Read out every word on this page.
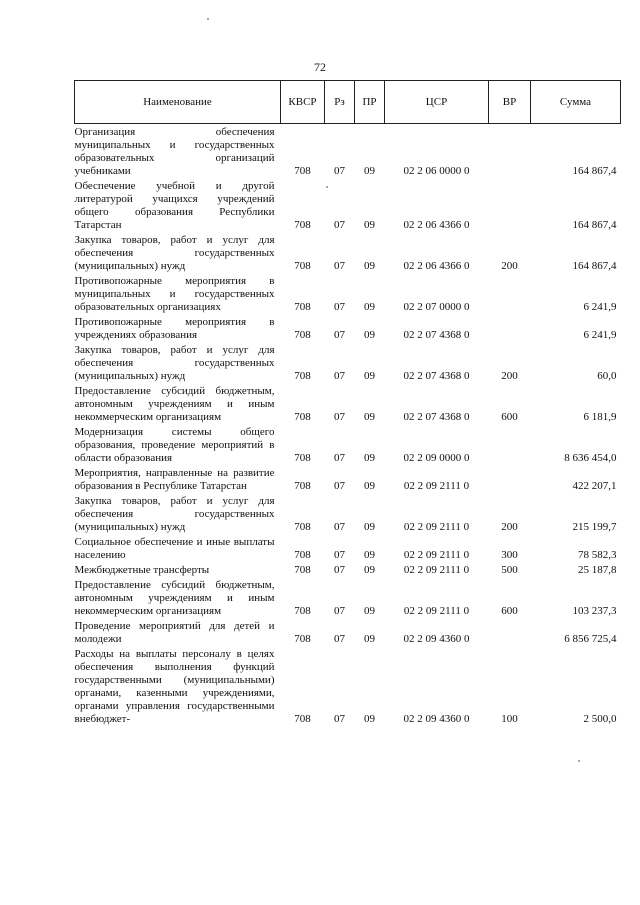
72
Наименование	КВСР	Рз	ПР	ЦСР	ВР	Сумма
Организация обеспечения муниципальных и государственных образовательных организаций учебниками	708	07	09	02 2 06 0000 0		164 867,4
Обеспечение учебной и другой литературой учащихся учреждений общего образования Республики Татарстан	708	07	09	02 2 06 4366 0		164 867,4
Закупка товаров, работ и услуг для обеспечения государственных (муниципальных) нужд	708	07	09	02 2 06 4366 0	200	164 867,4
Противопожарные мероприятия в муниципальных и государственных образовательных организациях	708	07	09	02 2 07 0000 0		6 241,9
Противопожарные мероприятия в учреждениях образования	708	07	09	02 2 07 4368 0		6 241,9
Закупка товаров, работ и услуг для обеспечения государственных (муниципальных) нужд	708	07	09	02 2 07 4368 0	200	60,0
Предоставление субсидий бюджетным, автономным учреждениям и иным некоммерческим организациям	708	07	09	02 2 07 4368 0	600	6 181,9
Модернизация системы общего образования, проведение мероприятий в области образования	708	07	09	02 2 09 0000 0		8 636 454,0
Мероприятия, направленные на развитие образования в Республике Татарстан	708	07	09	02 2 09 2111 0		422 207,1
Закупка товаров, работ и услуг для обеспечения государственных (муниципальных) нужд	708	07	09	02 2 09 2111 0	200	215 199,7
Социальное обеспечение и иные выплаты населению	708	07	09	02 2 09 2111 0	300	78 582,3
Межбюджетные трансферты	708	07	09	02 2 09 2111 0	500	25 187,8
Предоставление субсидий бюджетным, автономным учреждениям и иным некоммерческим организациям	708	07	09	02 2 09 2111 0	600	103 237,3
Проведение мероприятий для детей и молодежи	708	07	09	02 2 09 4360 0		6 856 725,4
Расходы на выплаты персоналу в целях обеспечения выполнения функций государственными (муниципальными) органами, казенными учреждениями, органами управления государственными внебюджет-	708	07	09	02 2 09 4360 0	100	2 500,0
